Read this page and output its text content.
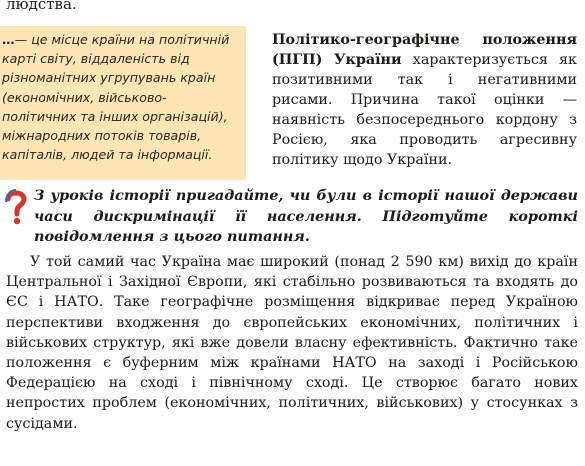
людства.
…— це місце країни на політичній карті світу, віддаленість від різноманітних угрупувань країн (економічних, військово-політичних та інших організацій), міжнародних потоків товарів, капіталів, людей та інформації.
Політико-географічне положення (ПГП) України характеризується як позитивними так і негативними рисами. Причина такої оцінки — наявність безпосереднього кордону з Росією, яка проводить агресивну політику щодо України.
З уроків історії пригадайте, чи були в історії нашої держави часи дискримінації її населення. Підготуйте короткі повідомлення з цього питання.

У той самий час Україна має широкий (понад 2 590 км) вихід до країн Центральної і Західної Європи, які стабільно розвиваються та входять до ЄС і НАТО. Таке географічне розміщення відкриває перед Україною перспективи входження до європейських економічних, політичних і військових структур, які вже довели власну ефективність. Фактично таке положення є буферним між країнами НАТО на заході і Російською Федерацією на сході і північному сході. Це створює багато нових непростих проблем (економічних, політичних, військових) у стосунках з сусідами.
